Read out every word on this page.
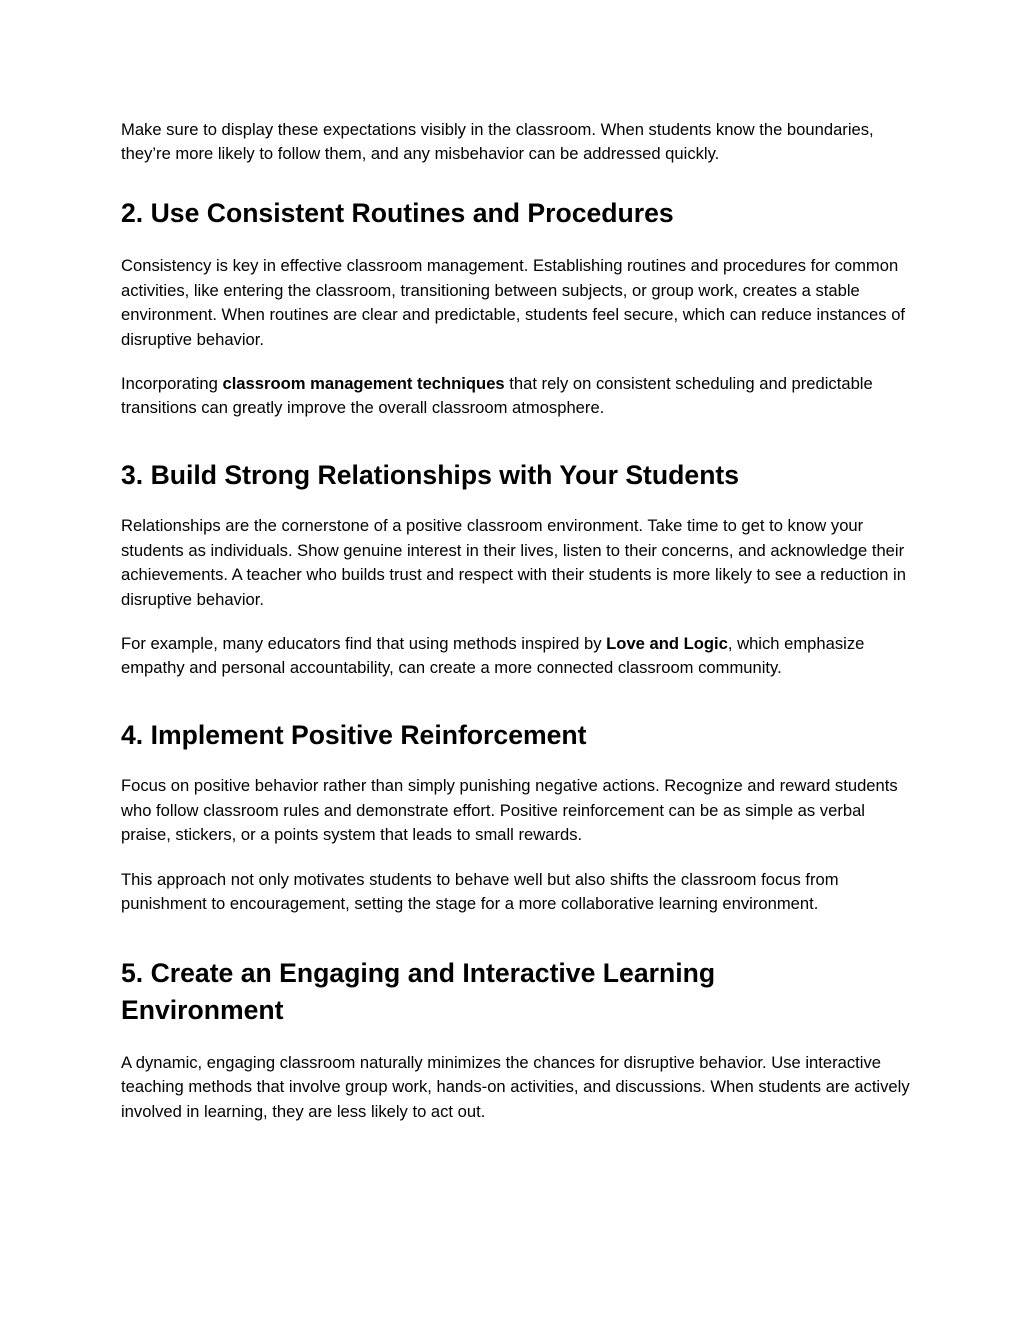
Make sure to display these expectations visibly in the classroom. When students know the boundaries, they’re more likely to follow them, and any misbehavior can be addressed quickly.

2. Use Consistent Routines and Procedures

Consistency is key in effective classroom management. Establishing routines and procedures for common activities, like entering the classroom, transitioning between subjects, or group work, creates a stable environment. When routines are clear and predictable, students feel secure, which can reduce instances of disruptive behavior.

Incorporating classroom management techniques that rely on consistent scheduling and predictable transitions can greatly improve the overall classroom atmosphere.

3. Build Strong Relationships with Your Students

Relationships are the cornerstone of a positive classroom environment. Take time to get to know your students as individuals. Show genuine interest in their lives, listen to their concerns, and acknowledge their achievements. A teacher who builds trust and respect with their students is more likely to see a reduction in disruptive behavior.

For example, many educators find that using methods inspired by Love and Logic, which emphasize empathy and personal accountability, can create a more connected classroom community.

4. Implement Positive Reinforcement

Focus on positive behavior rather than simply punishing negative actions. Recognize and reward students who follow classroom rules and demonstrate effort. Positive reinforcement can be as simple as verbal praise, stickers, or a points system that leads to small rewards.

This approach not only motivates students to behave well but also shifts the classroom focus from punishment to encouragement, setting the stage for a more collaborative learning environment.

5. Create an Engaging and Interactive Learning
Environment

A dynamic, engaging classroom naturally minimizes the chances for disruptive behavior. Use interactive teaching methods that involve group work, hands-on activities, and discussions. When students are actively involved in learning, they are less likely to act out.
